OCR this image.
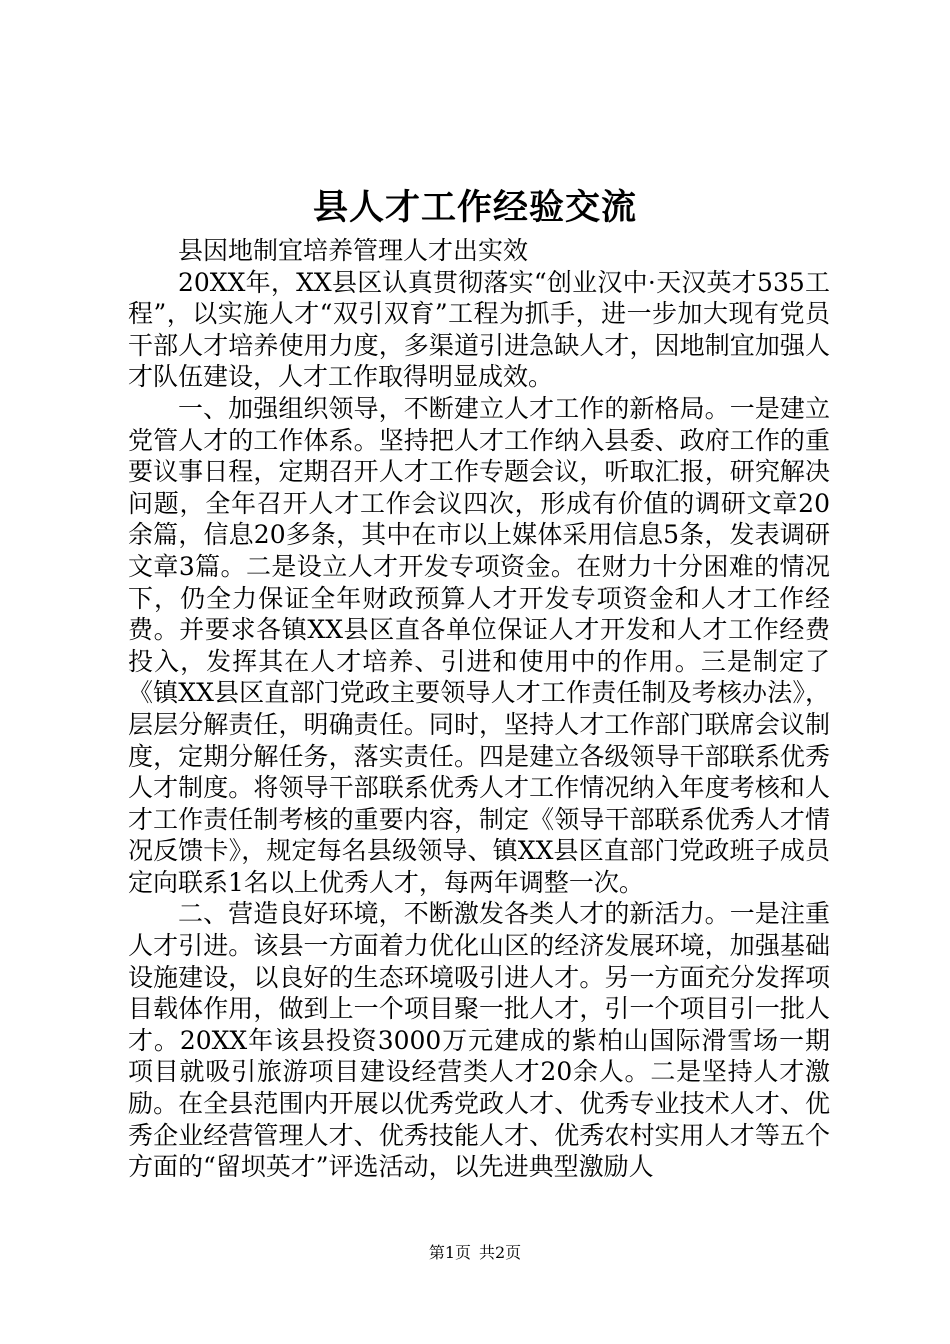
县人才工作经验交流

县因地制宜培养管理人才出实效

20XX年，XX县区认真贯彻落实“创业汉中·天汉英才535工程”，以实施人才“双引双育”工程为抓手，进一步加大现有党员干部人才培养使用力度，多渠道引进急缺人才，因地制宜加强人才队伍建设，人才工作取得明显成效。

一、加强组织领导，不断建立人才工作的新格局。一是建立党管人才的工作体系。坚持把人才工作纳入县委、政府工作的重要议事日程，定期召开人才工作专题会议，听取汇报，研究解决问题，全年召开人才工作会议四次，形成有价值的调研文章20余篇，信息20多条，其中在市以上媒体采用信息5条，发表调研文章3篇。二是设立人才开发专项资金。在财力十分困难的情况下，仍全力保证全年财政预算人才开发专项资金和人才工作经费。并要求各镇XX县区直各单位保证人才开发和人才工作经费投入，发挥其在人才培养、引进和使用中的作用。三是制定了《镇XX县区直部门党政主要领导人才工作责任制及考核办法》，层层分解责任，明确责任。同时，坚持人才工作部门联席会议制度，定期分解任务，落实责任。四是建立各级领导干部联系优秀人才制度。将领导干部联系优秀人才工作情况纳入年度考核和人才工作责任制考核的重要内容，制定《领导干部联系优秀人才情况反馈卡》，规定每名县级领导、镇XX县区直部门党政班子成员定向联系1名以上优秀人才，每两年调整一次。

二、营造良好环境，不断激发各类人才的新活力。一是注重人才引进。该县一方面着力优化山区的经济发展环境，加强基础设施建设，以良好的生态环境吸引进人才。另一方面充分发挥项目载体作用，做到上一个项目聚一批人才，引一个项目引一批人才。20XX年该县投资3000万元建成的紫柏山国际滑雪场一期项目就吸引旅游项目建设经营类人才20余人。二是坚持人才激励。在全县范围内开展以优秀党政人才、优秀专业技术人才、优秀企业经营管理人才、优秀技能人才、优秀农村实用人才等五个方面的“留坝英才”评选活动，以先进典型激励人

第1页 共2页
